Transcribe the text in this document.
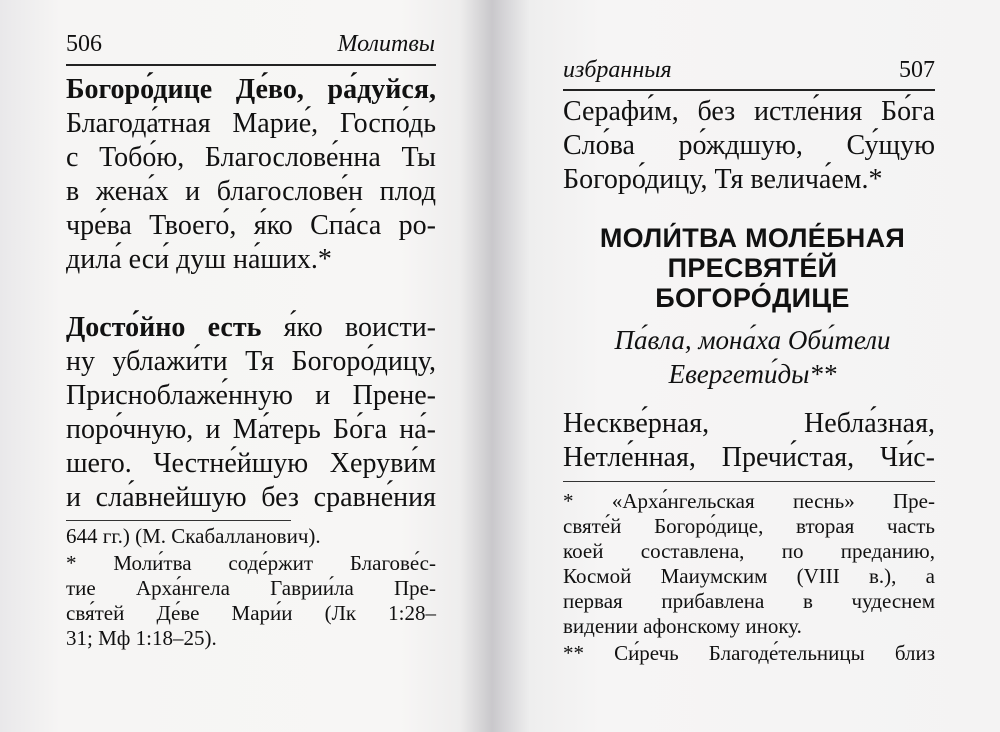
506	Молитвы
Богоро́дице Де́во, ра́дуйся,
Благода́тная Марие́, Госпо́дь
с Тобо́ю, Благослове́нна Ты
в жена́х и благослове́н плод
чре́ва Твоего́, я́ко Спа́са ро-
дила́ еси́ душ на́ших.*
Досто́йно есть я́ко воисти-
ну ублажи́ти Тя Богоро́дицу,
Присноблаже́нную и Прене-
поро́чную, и Ма́терь Бо́га на́-
шего. Честне́йшую Херуви́м
и сла́внейшую без сравне́ния
644 гг.) (М. Скабалланович).
* Моли́тва соде́ржит Благове́с-
тие Арха́нгела Гаврии́ла Пре-
свя́тей Де́ве Мари́и (Лк 1:28–
31; Мф 1:18–25).
избранныя	507
Серафи́м, без истле́ния Бо́га
Сло́ва ро́ждшую, Су́щую
Богоро́дицу, Тя велича́ем.*
МОЛИ́ТВА МОЛЕ́БНАЯ
ПРЕСВЯТЕ́Й
БОГОРО́ДИЦЕ
Па́вла, мона́ха Оби́тели
Евергети́ды**
Нескве́рная, Небла́зная,
Нетле́нная, Пречи́стая, Чи́с-
* «Арха́нгельская песнь» Пре-
святе́й Богоро́дице, вторая часть
коей составлена, по преданию,
Космой Маиумским (VIII в.), а
первая прибавлена в чудеснем
видении афонскому иноку.
** Си́речь Благоде́тельницы близ
